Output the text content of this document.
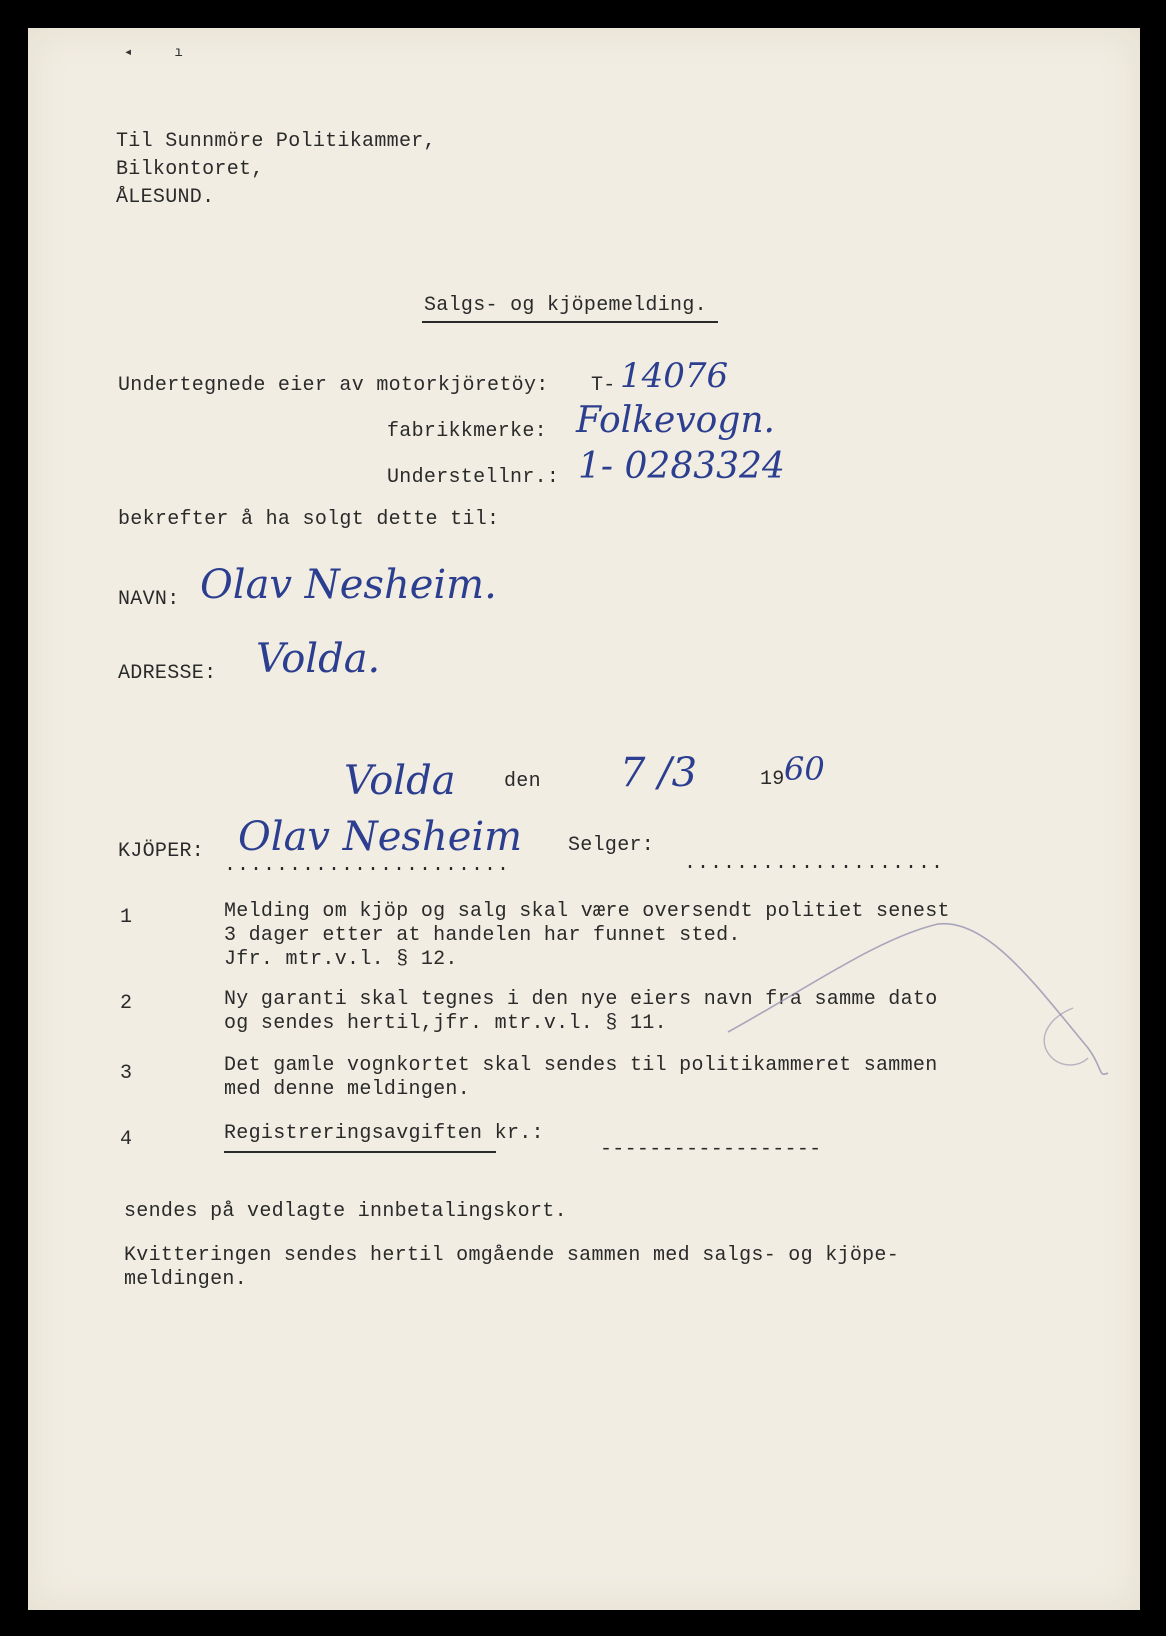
◂     ı
Til Sunnmöre Politikammer,
Bilkontoret,
ÅLESUND.
Salgs- og kjöpemelding.
Undertegnede eier av motorkjöretöy: T- 14076
fabrikkmerke: Folkevogn.
Understellnr.: 1- 0283324
bekrefter å ha solgt dette til:
NAVN: Olav Nesheim.
ADRESSE: Volda.
Volda den 7 /3	19 60
KJÖPER: Olav Nesheim
......................
Selger:
....................
1	Melding om kjöp og salg skal være oversendt politiet senest
3 dager etter at handelen har funnet sted.
Jfr. mtr.v.l. § 12.
2	Ny garanti skal tegnes i den nye eiers navn fra samme dato
og sendes hertil,jfr. mtr.v.l. § 11.
3	Det gamle vognkortet skal sendes til politikammeret sammen
med denne meldingen.
4	Registreringsavgiften kr.:
------------------
sendes på vedlagte innbetalingskort.
Kvitteringen sendes hertil omgående sammen med salgs- og kjöpe-
meldingen.
